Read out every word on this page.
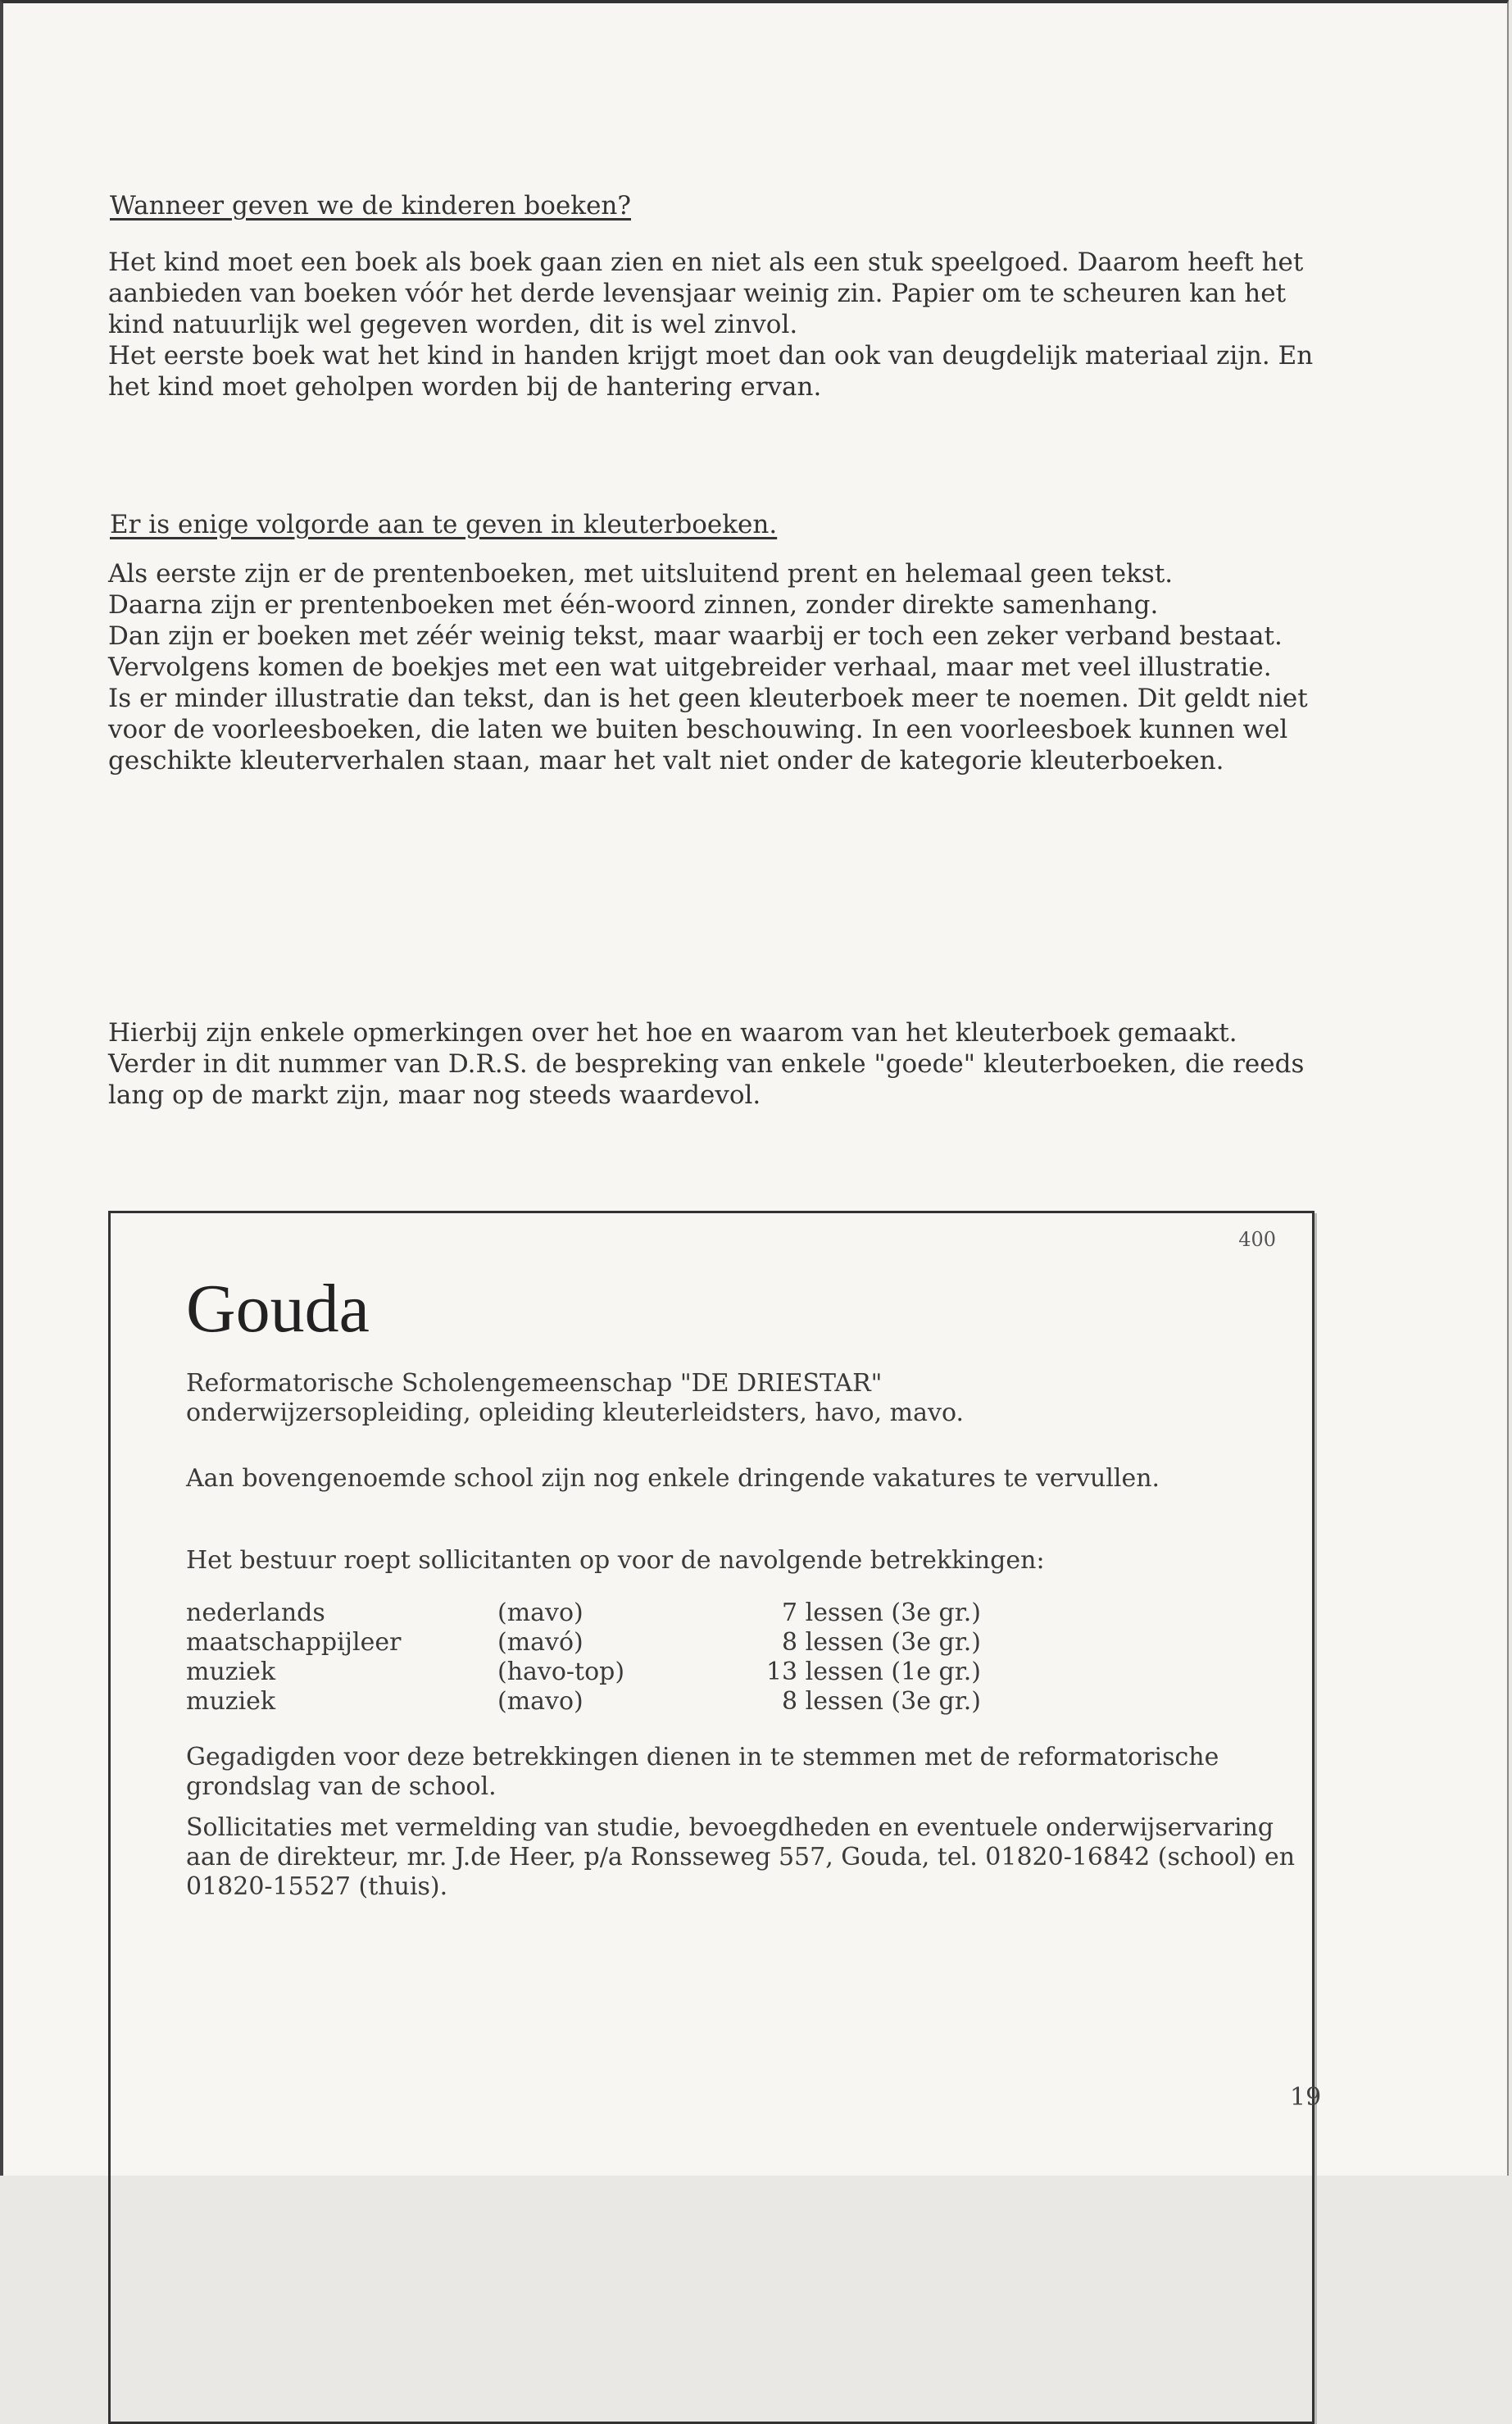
Wanneer geven we de kinderen boeken?

Het kind moet een boek als boek gaan zien en niet als een stuk speelgoed. Daarom heeft het aanbieden van boeken vóór het derde levensjaar weinig zin. Papier om te scheuren kan het kind natuurlijk wel gegeven worden, dit is wel zinvol.

Het eerste boek wat het kind in handen krijgt moet dan ook van deugdelijk materiaal zijn. En het kind moet geholpen worden bij de hantering ervan.

Er is enige volgorde aan te geven in kleuterboeken.

Als eerste zijn er de prentenboeken, met uitsluitend prent en helemaal geen tekst.

Daarna zijn er prentenboeken met één-woord zinnen, zonder direkte samenhang.

Dan zijn er boeken met zéér weinig tekst, maar waarbij er toch een zeker verband bestaat.

Vervolgens komen de boekjes met een wat uitgebreider verhaal, maar met veel illustratie.

Is er minder illustratie dan tekst, dan is het geen kleuterboek meer te noemen. Dit geldt niet voor de voorleesboeken, die laten we buiten beschouwing. In een voorleesboek kunnen wel geschikte kleuterverhalen staan, maar het valt niet onder de kategorie kleuterboeken.

Hierbij zijn enkele opmerkingen over het hoe en waarom van het kleuterboek gemaakt. Verder in dit nummer van D.R.S. de bespreking van enkele "goede" kleuterboeken, die reeds lang op de markt zijn, maar nog steeds waardevol.
400
Gouda
Reformatorische Scholengemeenschap "DE DRIESTAR"
onderwijzersopleiding, opleiding kleuterleidsters, havo, mavo.
Aan bovengenoemde school zijn nog enkele dringende vakatures te vervullen.
Het bestuur roept sollicitanten op voor de navolgende betrekkingen:
nederlands	(mavo)	7 lessen (3e gr.)
maatschappijleer	(mavó)	8 lessen (3e gr.)
muziek	(havo-top)	13 lessen (1e gr.)
muziek	(mavo)	8 lessen (3e gr.)
Gegadigden voor deze betrekkingen dienen in te stemmen met de reformatorische grondslag van de school.
Sollicitaties met vermelding van studie, bevoegdheden en eventuele onderwijservaring aan de direkteur, mr. J.de Heer, p/a Ronsseweg 557, Gouda, tel. 01820-16842 (school) en 01820-15527 (thuis).
19
